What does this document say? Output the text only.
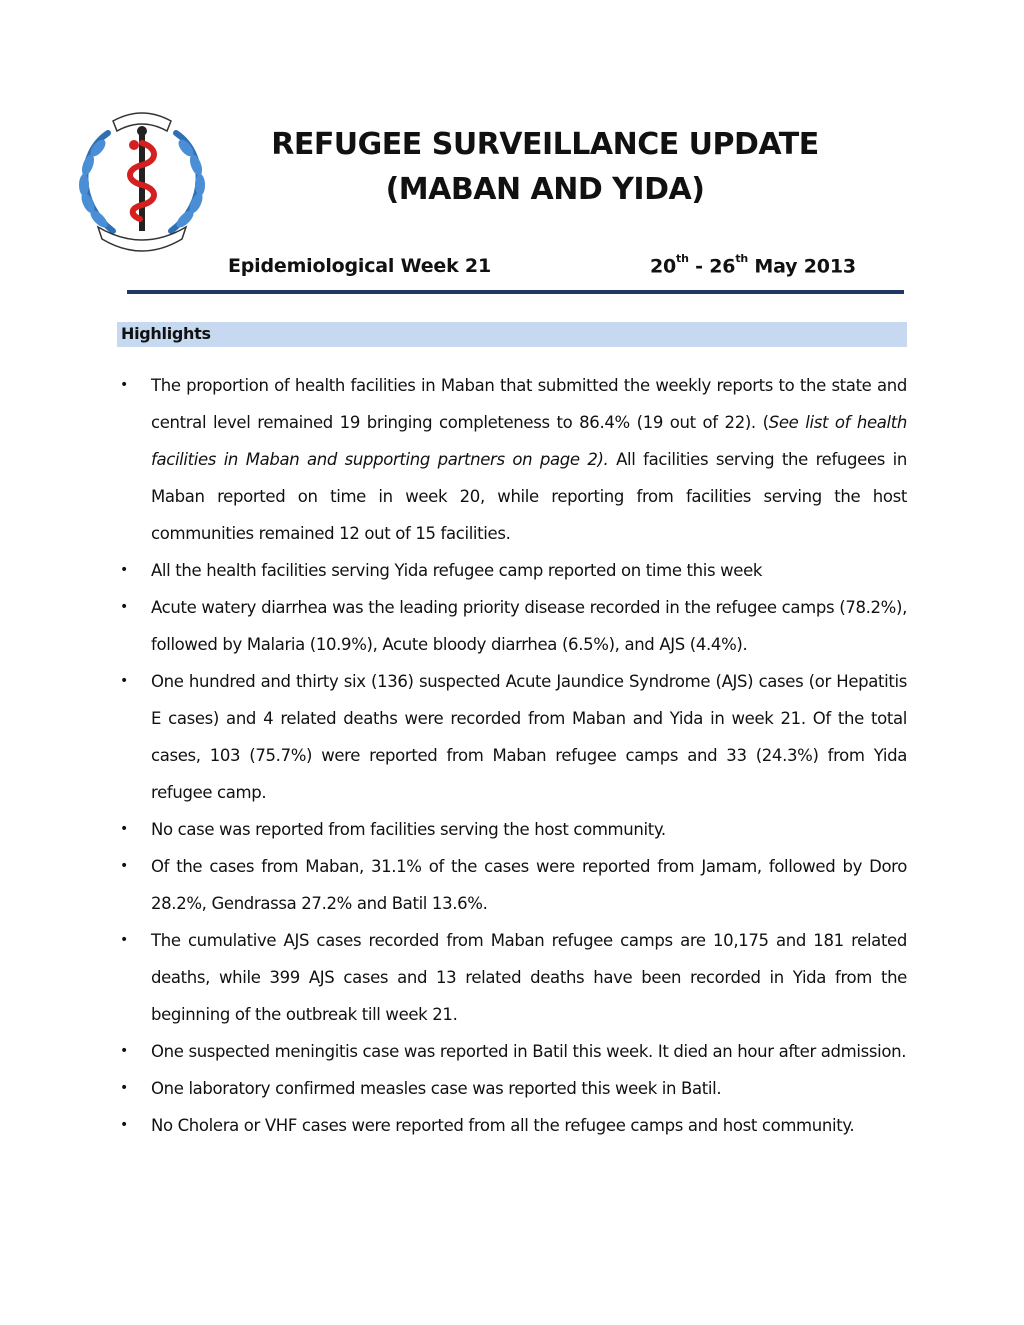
REFUGEE SURVEILLANCE UPDATE
(MABAN AND YIDA)
Epidemiological Week 21	20th - 26th May 2013
Highlights
• The proportion of health facilities in Maban that submitted the weekly reports to the state and central level remained 19 bringing completeness to 86.4% (19 out of 22). (See list of health facilities in Maban and supporting partners on page 2). All facilities serving the refugees in Maban reported on time in week 20, while reporting from facilities serving the host communities remained 12 out of 15 facilities.
• All the health facilities serving Yida refugee camp reported on time this week
• Acute watery diarrhea was the leading priority disease recorded in the refugee camps (78.2%), followed by Malaria (10.9%), Acute bloody diarrhea (6.5%), and AJS (4.4%).
• One hundred and thirty six (136) suspected Acute Jaundice Syndrome (AJS) cases (or Hepatitis E cases) and 4 related deaths were recorded from Maban and Yida in week 21. Of the total cases, 103 (75.7%) were reported from Maban refugee camps and 33 (24.3%) from Yida refugee camp.
• No case was reported from facilities serving the host community.
• Of the cases from Maban, 31.1% of the cases were reported from Jamam, followed by Doro 28.2%, Gendrassa 27.2% and Batil 13.6%.
• The cumulative AJS cases recorded from Maban refugee camps are 10,175 and 181 related deaths, while 399 AJS cases and 13 related deaths have been recorded in Yida from the beginning of the outbreak till week 21.
• One suspected meningitis case was reported in Batil this week. It died an hour after admission.
• One laboratory confirmed measles case was reported this week in Batil.
• No Cholera or VHF cases were reported from all the refugee camps and host community.
